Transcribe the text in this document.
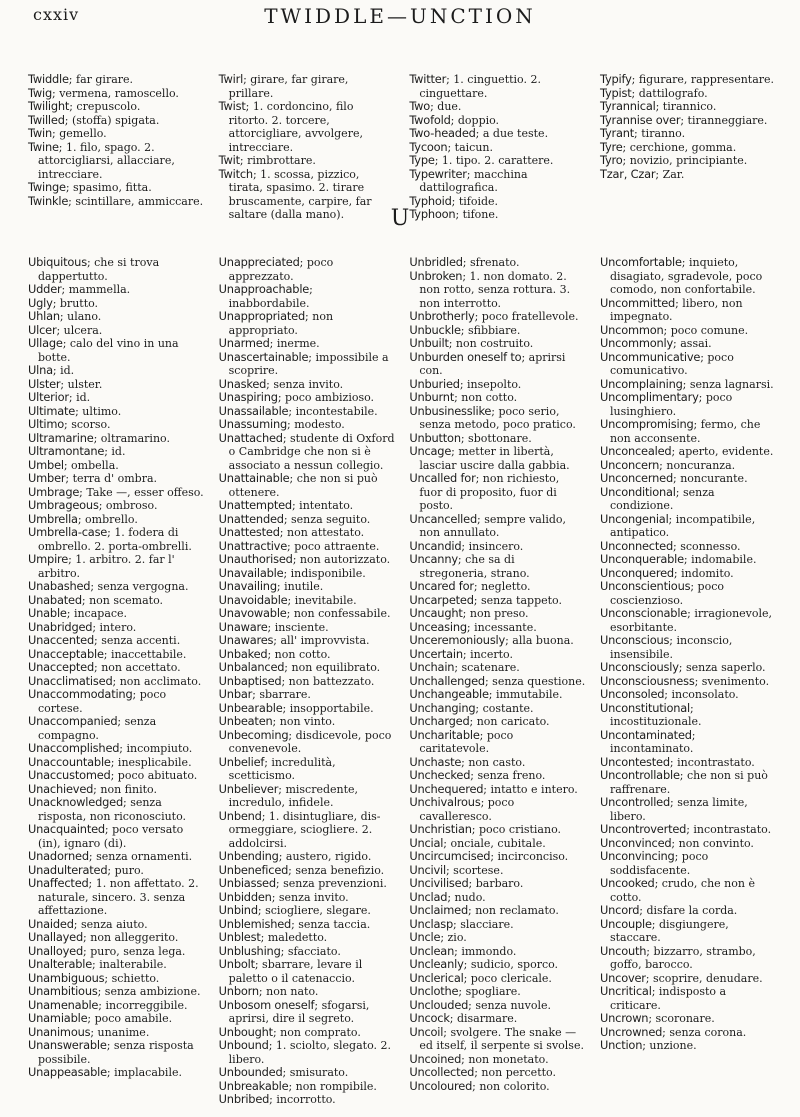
cxxiv	TWIDDLE—UNCTION

Twiddle; far girare.

Twig; vermena, ramoscello.

Twilight; crepuscolo.

Twilled; (stoffa) spigata.

Twin; gemello.

Twine; 1. filo, spago. 2. attorcigliarsi, allacciare, intrecciare.

Twinge; spasimo, fitta.

Twinkle; scintillare, ammiccare.

Twirl; girare, far girare, prillare.

Twist; 1. cordoncino, filo ritorto. 2. torcere, attorcigliare, avvolgere, intrecciare.

Twit; rimbrottare.

Twitch; 1. scossa, pizzico, tirata, spasimo. 2. tirare bruscamente, carpire, far saltare (dalla mano).

Twitter; 1. cinguettio. 2. cinguettare.

Two; due.

Twofold; doppio.

Two-headed; a due teste.

Tycoon; taicun.

Type; 1. tipo. 2. carattere.

Typewriter; macchina dattilografica.

Typhoid; tifoide.

Typhoon; tifone.

Typify; figurare, rappresentare.

Typist; dattilografo.

Tyrannical; tirannico.

Tyrannise over; tiranneggiare.

Tyrant; tiranno.

Tyre; cerchione, gomma.

Tyro; novizio, principiante.

Tzar, Czar; Zar.

U

Ubiquitous; che si trova dappertutto.

Udder; mammella.

Ugly; brutto.

Uhlan; ulano.

Ulcer; ulcera.

Ullage; calo del vino in una botte.

Ulna; id.

Ulster; ulster.

Ulterior; id.

Ultimate; ultimo.

Ultimo; scorso.

Ultramarine; oltramarino.

Ultramontane; id.

Umbel; ombella.

Umber; terra d' ombra.

Umbrage; Take —, esser offeso.

Umbrageous; ombroso.

Umbrella; ombrello.

Umbrella-case; 1. fodera di ombrello. 2. porta-ombrelli.

Umpire; 1. arbitro. 2. far l' arbitro.

Unabashed; senza vergogna.

Unabated; non scemato.

Unable; incapace.

Unabridged; intero.

Unaccented; senza accenti.

Unacceptable; inaccettabile.

Unaccepted; non accettato.

Unacclimatised; non acclimato.

Unaccommodating; poco cortese.

Unaccompanied; senza compagno.

Unaccomplished; incompiuto.

Unaccountable; inesplicabile.

Unaccustomed; poco abituato.

Unachieved; non finito.

Unacknowledged; senza risposta, non riconosciuto.

Unacquainted; poco versato (in), ignaro (di).

Unadorned; senza ornamenti.

Unadulterated; puro.

Unaffected; 1. non affettato. 2. naturale, sincero. 3. senza affettazione.

Unaided; senza aiuto.

Unallayed; non alleggerito.

Unalloyed; puro, senza lega.

Unalterable; inalterabile.

Unambiguous; schietto.

Unambitious; senza ambizione.

Unamenable; incorreggibile.

Unamiable; poco amabile.

Unanimous; unanime.

Unanswerable; senza risposta possibile.

Unappeasable; implacabile.

Unappreciated; poco apprezzato.

Unapproachable; inabbordabile.

Unappropriated; non appropriato.

Unarmed; inerme.

Unascertainable; impossibile a scoprire.

Unasked; senza invito.

Unaspiring; poco ambizioso.

Unassailable; incontestabile.

Unassuming; modesto.

Unattached; studente di Oxford o Cambridge che non si è associato a nessun collegio.

Unattainable; che non si può ottenere.

Unattempted; intentato.

Unattended; senza seguito.

Unattested; non attestato.

Unattractive; poco attraente.

Unauthorised; non autorizzato.

Unavailable; indisponibile.

Unavailing; inutile.

Unavoidable; inevitabile.

Unavowable; non confessabile.

Unaware; insciente.

Unawares; all' improvvista.

Unbaked; non cotto.

Unbalanced; non equilibrato.

Unbaptised; non battezzato.

Unbar; sbarrare.

Unbearable; insopportabile.

Unbeaten; non vinto.

Unbecoming; disdicevole, poco convenevole.

Unbelief; incredulità, scetticismo.

Unbeliever; miscredente, incredulo, infidele.

Unbend; 1. disintugliare, dis-ormeggiare, sciogliere. 2. addolcirsi.

Unbending; austero, rigido.

Unbeneficed; senza benefizio.

Unbiassed; senza prevenzioni.

Unbidden; senza invito.

Unbind; sciogliere, slegare.

Unblemished; senza taccia.

Unblest; maledetto.

Unblushing; sfacciato.

Unbolt; sbarrare, levare il paletto o il catenaccio.

Unborn; non nato.

Unbosom oneself; sfogarsi, aprirsi, dire il segreto.

Unbought; non comprato.

Unbound; 1. sciolto, slegato. 2. libero.

Unbounded; smisurato.

Unbreakable; non rompibile.

Unbribed; incorrotto.

Unbridled; sfrenato.

Unbroken; 1. non domato. 2. non rotto, senza rottura. 3. non interrotto.

Unbrotherly; poco fratellevole.

Unbuckle; sfibbiare.

Unbuilt; non costruito.

Unburden oneself to; aprirsi con.

Unburied; insepolto.

Unburnt; non cotto.

Unbusinesslike; poco serio, senza metodo, poco pratico.

Unbutton; sbottonare.

Uncage; metter in libertà, lasciar uscire dalla gabbia.

Uncalled for; non richiesto, fuor di proposito, fuor di posto.

Uncancelled; sempre valido, non annullato.

Uncandid; insincero.

Uncanny; che sa di stregoneria, strano.

Uncared for; negletto.

Uncarpeted; senza tappeto.

Uncaught; non preso.

Unceasing; incessante.

Unceremoniously; alla buona.

Uncertain; incerto.

Unchain; scatenare.

Unchallenged; senza questione.

Unchangeable; immutabile.

Unchanging; costante.

Uncharged; non caricato.

Uncharitable; poco caritatevole.

Unchaste; non casto.

Unchecked; senza freno.

Unchequered; intatto e intero.

Unchivalrous; poco cavalleresco.

Unchristian; poco cristiano.

Uncial; onciale, cubitale.

Uncircumcised; incirconciso.

Uncivil; scortese.

Uncivilised; barbaro.

Unclad; nudo.

Unclaimed; non reclamato.

Unclasp; slacciare.

Uncle; zio.

Unclean; immondo.

Uncleanly; sudicio, sporco.

Unclerical; poco clericale.

Unclothe; spogliare.

Unclouded; senza nuvole.

Uncock; disarmare.

Uncoil; svolgere. The snake —ed itself, il serpente si svolse.

Uncoined; non monetato.

Uncollected; non percetto.

Uncoloured; non colorito.

Uncomfortable; inquieto, disagiato, sgradevole, poco comodo, non confortabile.

Uncommitted; libero, non impegnato.

Uncommon; poco comune.

Uncommonly; assai.

Uncommunicative; poco comunicativo.

Uncomplaining; senza lagnarsi.

Uncomplimentary; poco lusinghiero.

Uncompromising; fermo, che non acconsente.

Unconcealed; aperto, evidente.

Unconcern; noncuranza.

Unconcerned; noncurante.

Unconditional; senza condizione.

Uncongenial; incompatibile, antipatico.

Unconnected; sconnesso.

Unconquerable; indomabile.

Unconquered; indomito.

Unconscientious; poco coscienzioso.

Unconscionable; irragionevole, esorbitante.

Unconscious; inconscio, insensibile.

Unconsciously; senza saperlo.

Unconsciousness; svenimento.

Unconsoled; inconsolato.

Unconstitutional; incostituzionale.

Uncontaminated; incontaminato.

Uncontested; incontrastato.

Uncontrollable; che non si può raffrenare.

Uncontrolled; senza limite, libero.

Uncontroverted; incontrastato.

Unconvinced; non convinto.

Unconvincing; poco soddisfacente.

Uncooked; crudo, che non è cotto.

Uncord; disfare la corda.

Uncouple; disgiungere, staccare.

Uncouth; bizzarro, strambo, goffo, barocco.

Uncover; scoprire, denudare.

Uncritical; indisposto a criticare.

Uncrown; scoronare.

Uncrowned; senza corona.

Unction; unzione.
